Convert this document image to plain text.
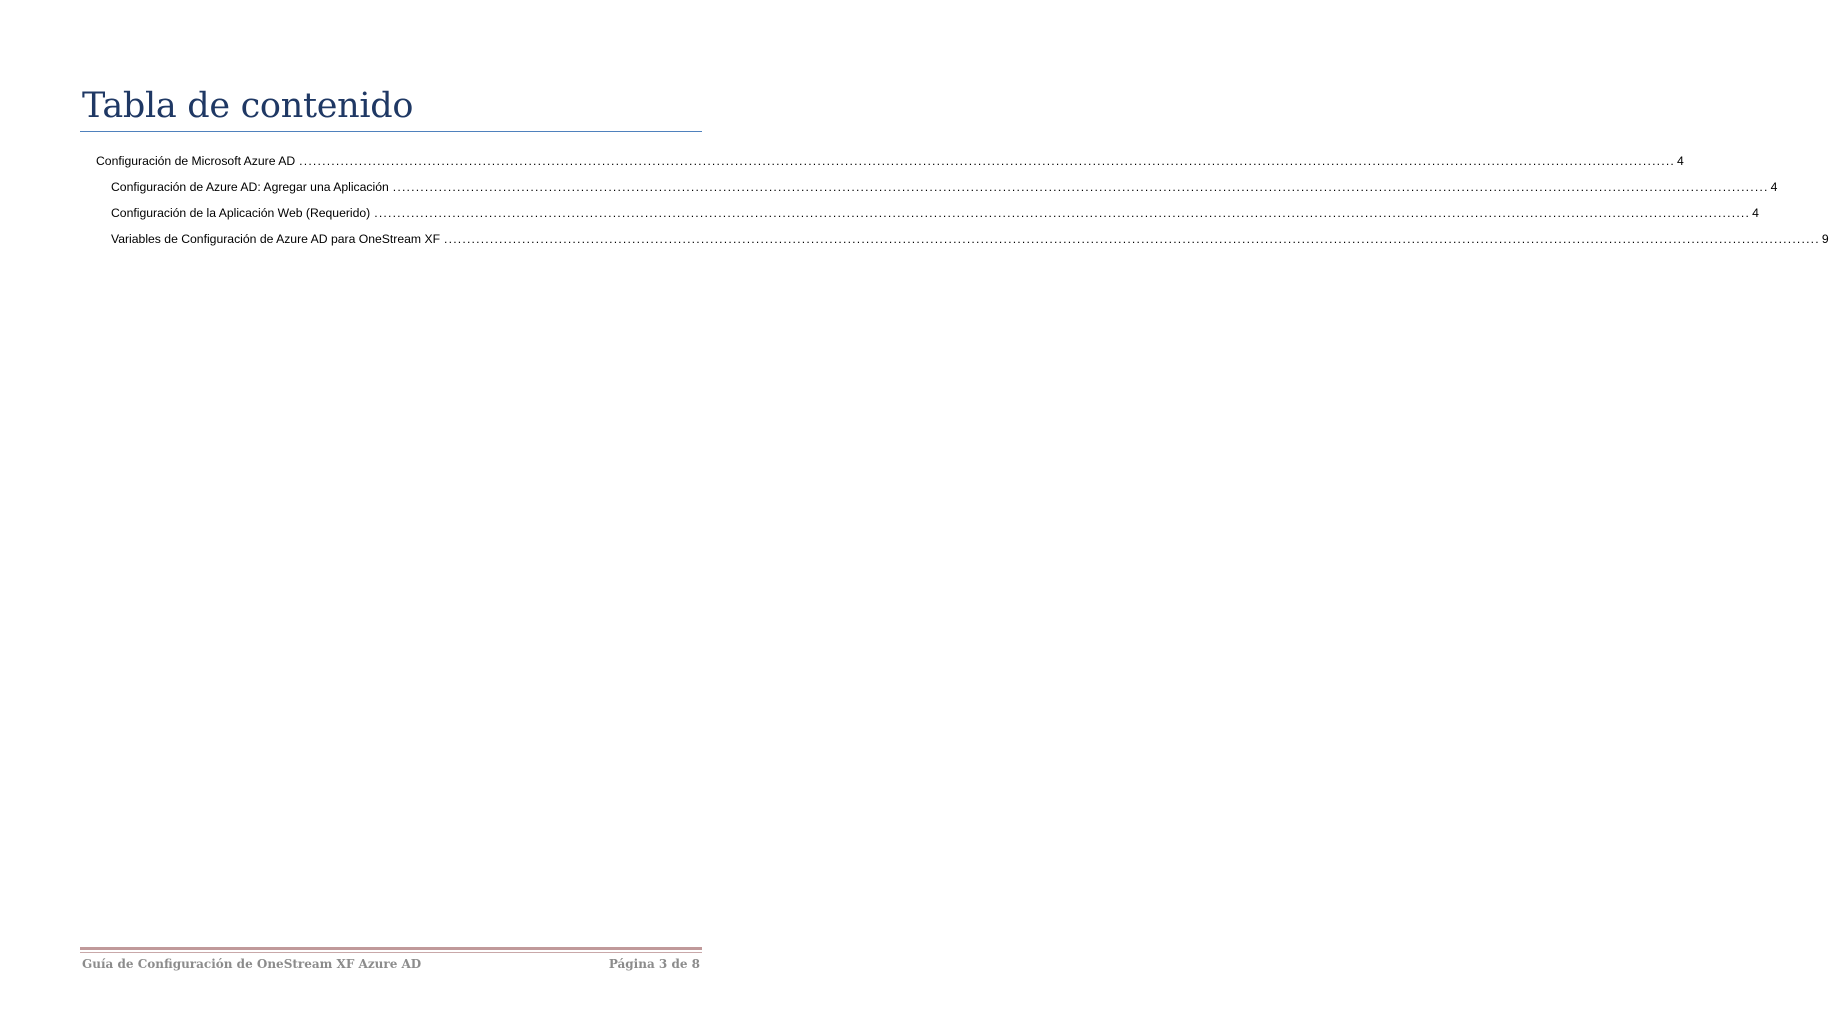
Tabla de contenido
Configuración de Microsoft Azure AD ............................................................................................................................................................................................................................................................................................................ 4
Configuración de Azure AD: Agregar una Aplicación ............................................................................................................................................................................................................................................................................................................ 4
Configuración de la Aplicación Web (Requerido) ............................................................................................................................................................................................................................................................................................................ 4
Variables de Configuración de Azure AD para OneStream XF ............................................................................................................................................................................................................................................................................................................ 9
Guía de Configuración de OneStream XF Azure AD	Página 3 de 8
